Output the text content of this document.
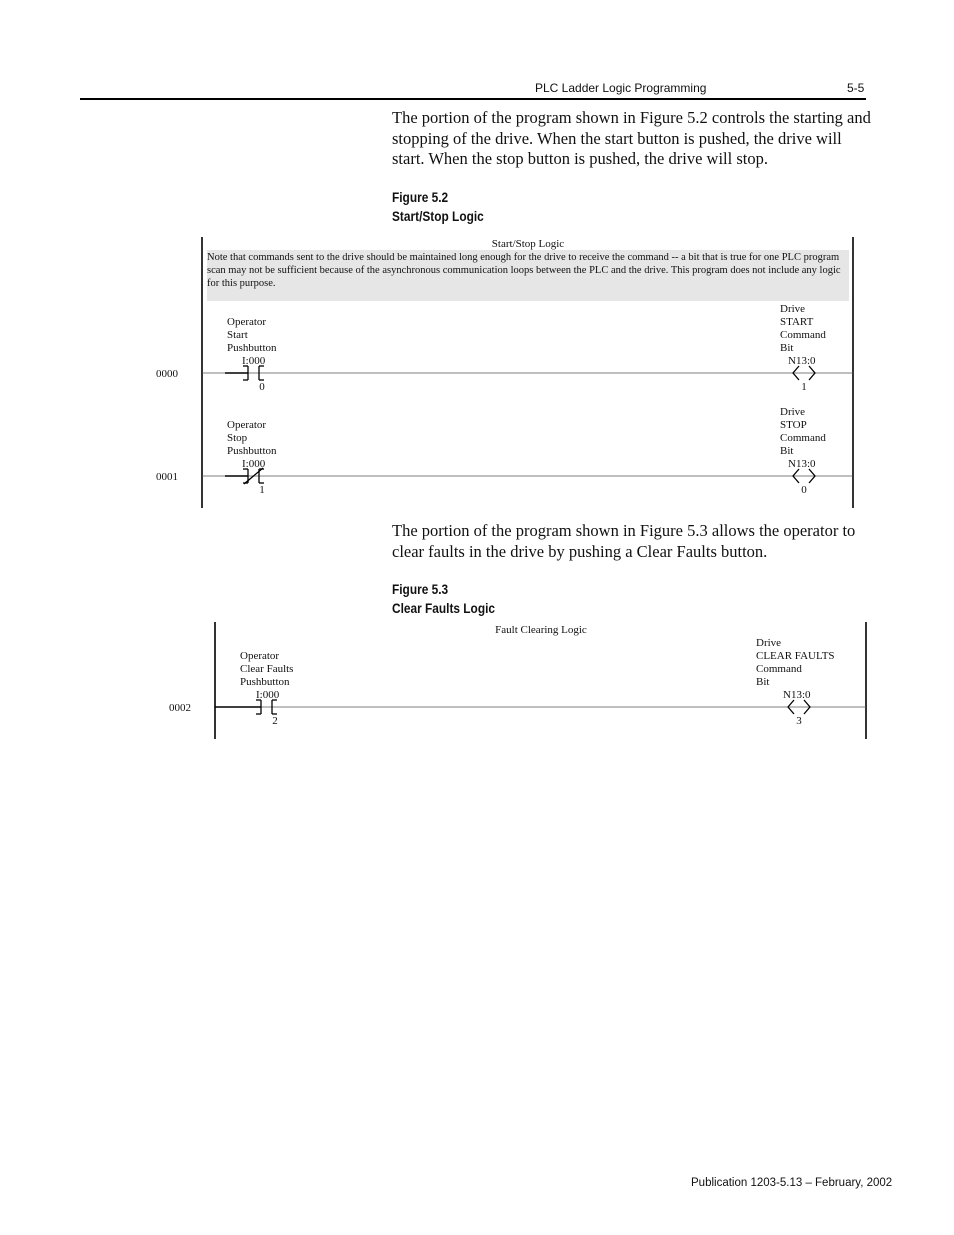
PLC Ladder Logic Programming	5-5
The portion of the program shown in Figure 5.2 controls the starting and stopping of the drive. When the start button is pushed, the drive will start. When the stop button is pushed, the drive will stop.
Figure 5.2
Start/Stop Logic
Note that commands sent to the drive should be maintained long enough for the drive to receive the command -- a bit that is true for one PLC program scan may not be sufficient because of the asynchronous communication loops between the PLC and the drive. This program does not include any logic for this purpose.
Start/Stop Logic
0000
Operator
Start
Pushbutton
I:000
0
Drive
START
Command
Bit
N13:0
1
0001
Operator
Stop
Pushbutton
I:000
1
Drive
STOP
Command
Bit
N13:0
0
The portion of the program shown in Figure 5.3 allows the operator to clear faults in the drive by pushing a Clear Faults button.
Figure 5.3
Clear Faults Logic
Fault Clearing Logic
0002
Operator
Clear Faults
Pushbutton
I:000
2
Drive
CLEAR FAULTS
Command
Bit
N13:0
3
Publication 1203-5.13 – February, 2002
